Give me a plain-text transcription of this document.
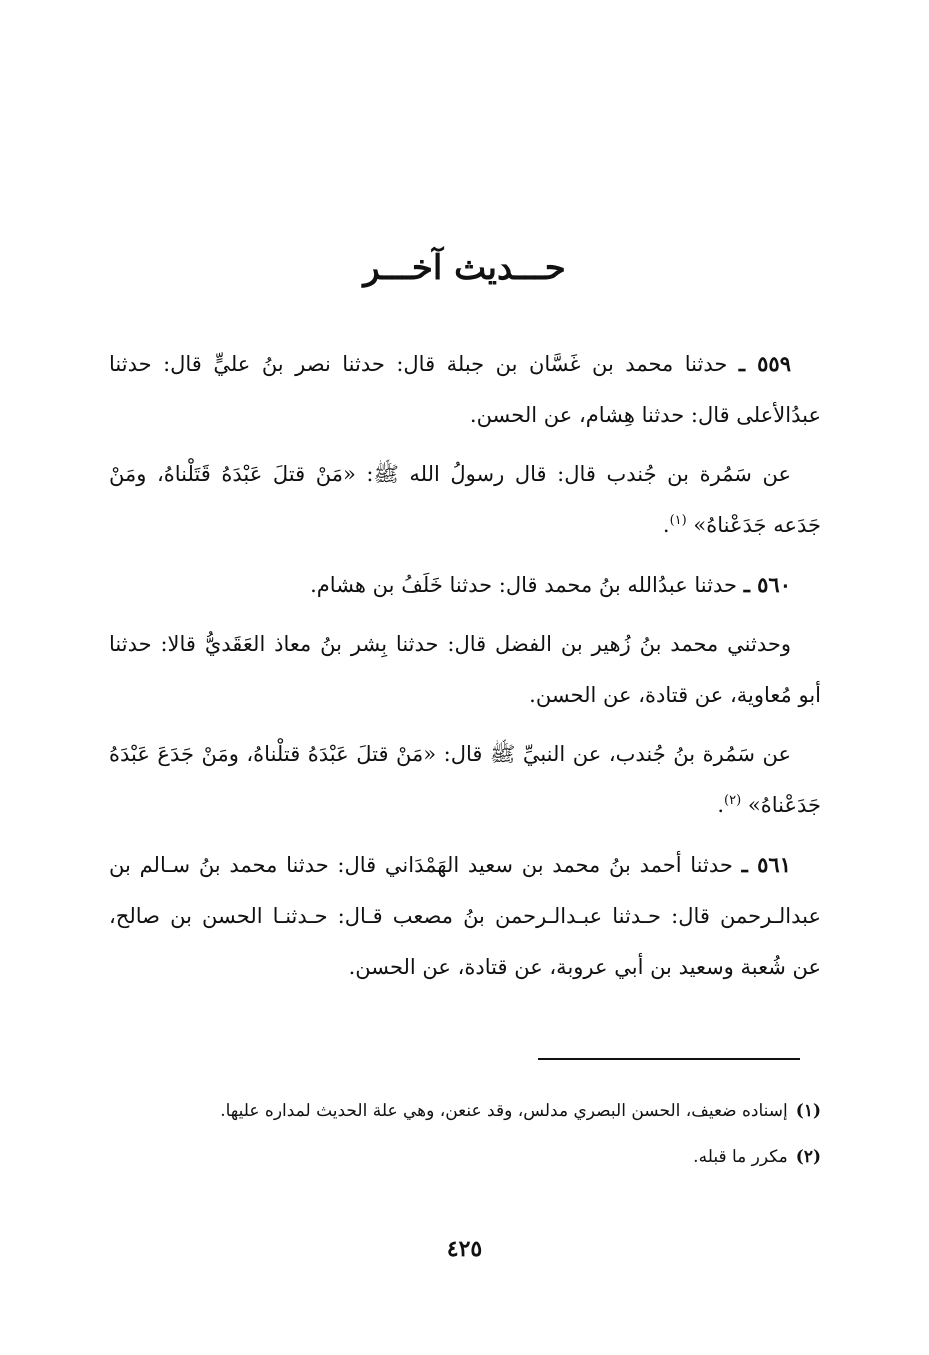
حـــديث آخـــر

٥٥٩ ـ حدثنا محمد بن غَسَّان بن جبلة قال: حدثنا نصر بنُ عليٍّ قال: حدثنا عبدُالأعلى قال: حدثنا هِشام، عن الحسن.

عن سَمُرة بن جُندب قال: قال رسولُ الله ﷺ: «مَنْ قتلَ عَبْدَهُ قَتَلْناهُ، ومَنْ جَدَعه جَدَعْناهُ» $^{(١)}$.

٥٦٠ ـ حدثنا عبدُالله بنُ محمد قال: حدثنا خَلَفُ بن هشام.

وحدثني محمد بنُ زُهير بن الفضل قال: حدثنا بِشر بنُ معاذ العَقَديُّ قالا: حدثنا أبو مُعاوية، عن قتادة، عن الحسن.

عن سَمُرة بنُ جُندب، عن النبيِّ ﷺ قال: «مَنْ قتلَ عَبْدَهُ قتلْناهُ، ومَنْ جَدَعَ عَبْدَهُ جَدَعْناهُ» $^{(٢)}$.

٥٦١ ـ حدثنا أحمد بنُ محمد بن سعيد الهَمْدَاني قال: حدثنا محمد بنُ سـالم بن عبدالـرحمن قال: حـدثنا عبـدالـرحمن بنُ مصعب قـال: حـدثنـا الحسن بن صالح، عن شُعبة وسعيد بن أبي عروبة، عن قتادة، عن الحسن.

(١)إسناده ضعيف، الحسن البصري مدلس، وقد عنعن، وهي علة الحديث لمداره عليها.

(٢)مكرر ما قبله.

٤٢٥
